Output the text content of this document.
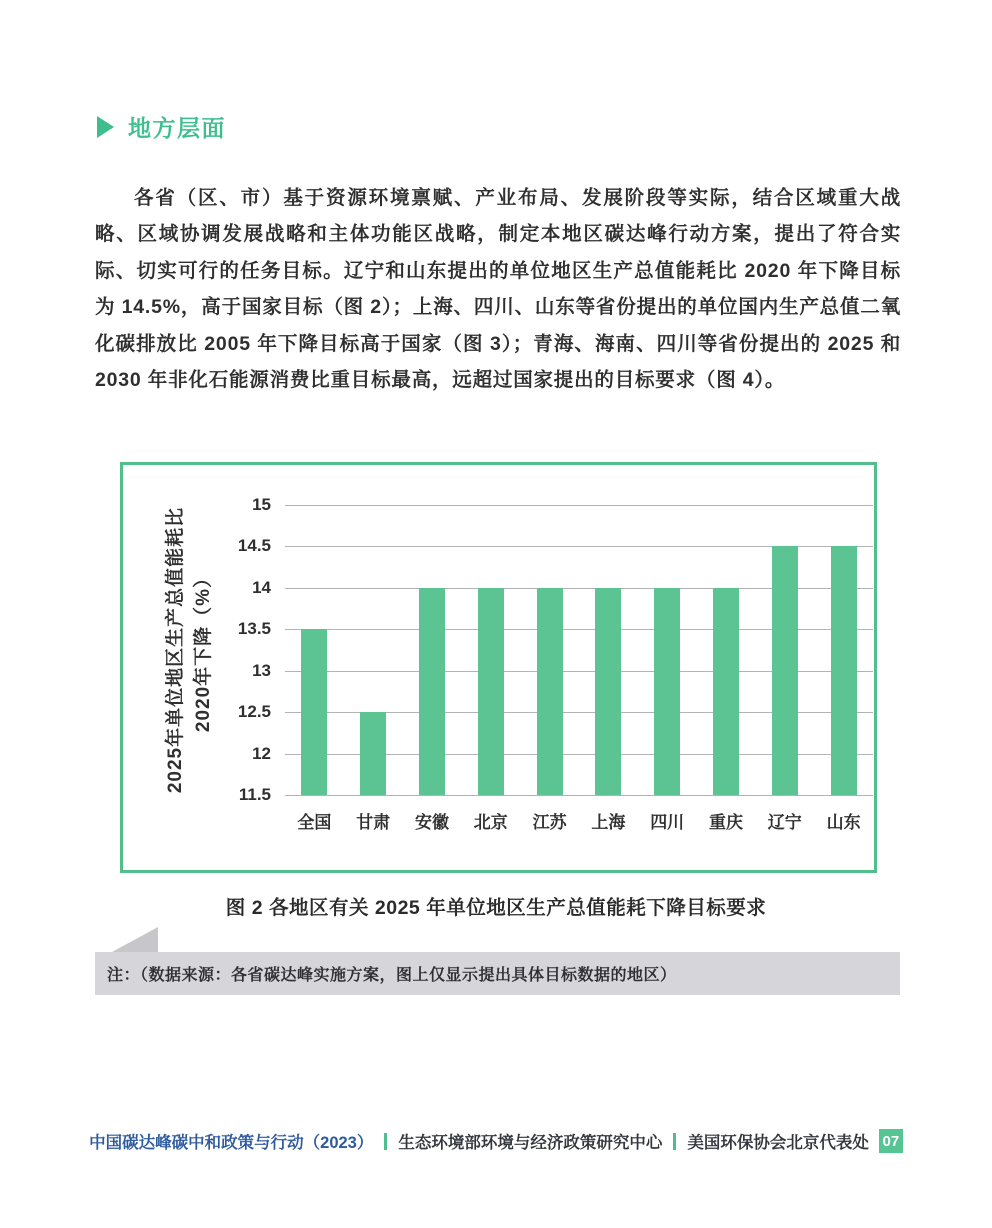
地方层面

各省（区、市）基于资源环境禀赋、产业布局、发展阶段等实际，结合区域重大战略、区域协调发展战略和主体功能区战略，制定本地区碳达峰行动方案，提出了符合实际、切实可行的任务目标。辽宁和山东提出的单位地区生产总值能耗比 2020 年下降目标为 14.5%，高于国家目标（图 2）；上海、四川、山东等省份提出的单位国内生产总值二氧化碳排放比 2005 年下降目标高于国家（图 3）；青海、海南、四川等省份提出的 2025 和 2030 年非化石能源消费比重目标最高，远超过国家提出的目标要求（图 4）。

2025年单位地区生产总值能耗比 2020年下降（%）
11.5
12
12.5
13
13.5
14
14.5
15
全国 甘肃 安徽 北京 江苏 上海 四川 重庆 辽宁 山东
图 2 各地区有关 2025 年单位地区生产总值能耗下降目标要求
注：（数据来源：各省碳达峰实施方案，图上仅显示提出具体目标数据的地区）
中国碳达峰碳中和政策与行动（2023） 生态环境部环境与经济政策研究中心 美国环保协会北京代表处 07
